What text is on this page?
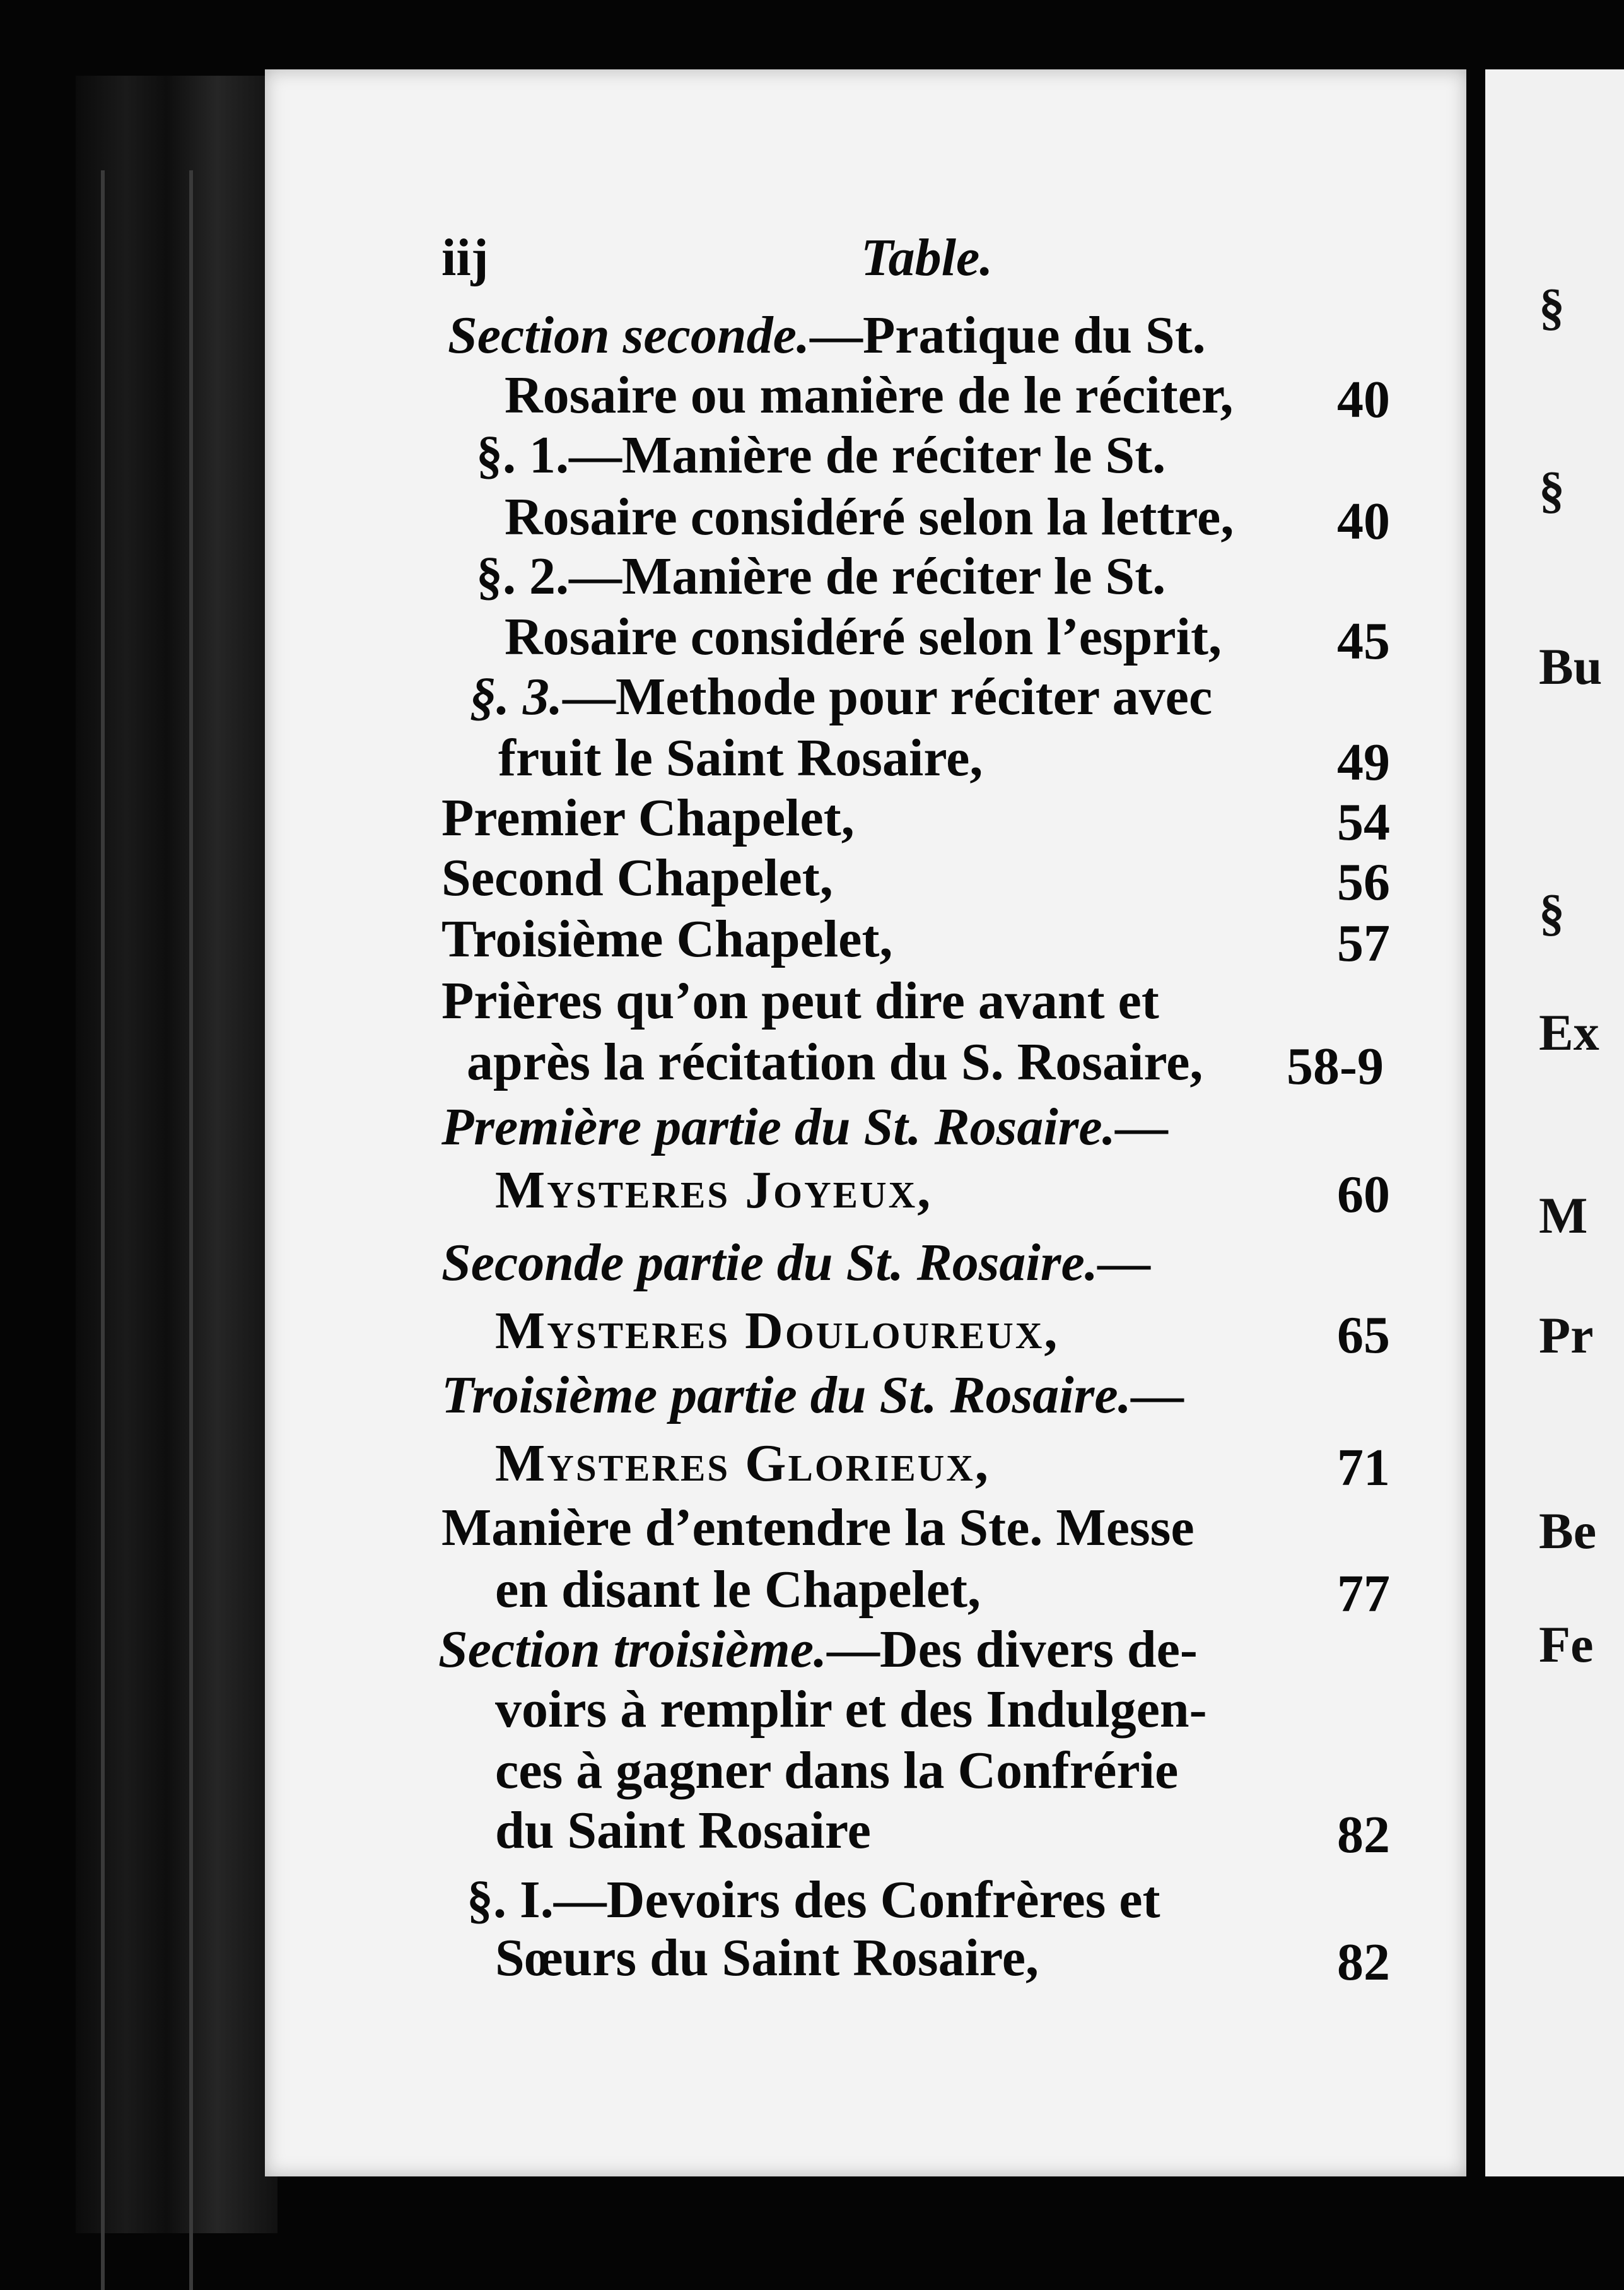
§
§
Bu
§
Ex
M
Pr
Be
Fe
iij	Table.
Section seconde.—Pratique du St.
Rosaire ou manière de le réciter, 40
§. 1.—Manière de réciter le St.
Rosaire considéré selon la lettre, 40
§. 2.—Manière de réciter le St.
Rosaire considéré selon l’esprit, 45
§. 3.—Methode pour réciter avec
fruit le Saint Rosaire,	49
Premier Chapelet,	54
Second Chapelet,	56
Troisième Chapelet,	57
Prières qu’on peut dire avant et
après la récitation du S. Rosaire, 58-9
Première partie du St. Rosaire.—
Mysteres Joyeux,	60
Seconde partie du St. Rosaire.—
Mysteres Douloureux,	65
Troisième partie du St. Rosaire.—
Mysteres Glorieux,	71
Manière d’entendre la Ste. Messe
en disant le Chapelet,	77
Section troisième.—Des divers de-
voirs à remplir et des Indulgen-
ces à gagner dans la Confrérie
du Saint Rosaire	82
§. I.—Devoirs des Confrères et
Sœurs du Saint Rosaire,	82
